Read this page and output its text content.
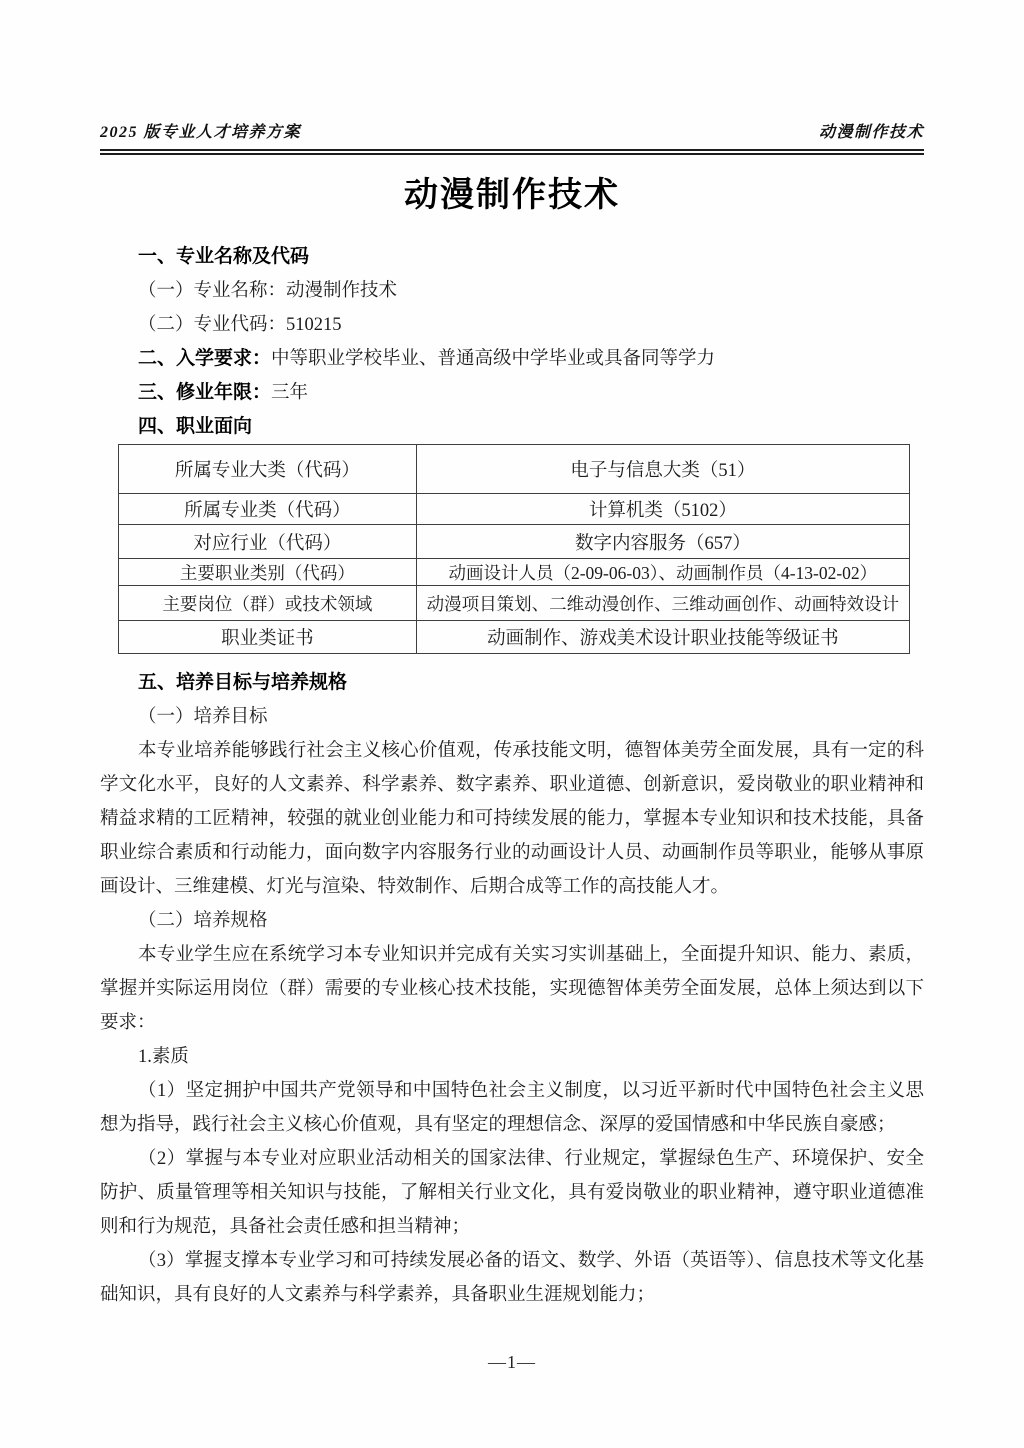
2025 版专业人才培养方案	动漫制作技术
动漫制作技术
一、专业名称及代码
（一）专业名称：动漫制作技术
（二）专业代码：510215
二、入学要求：中等职业学校毕业、普通高级中学毕业或具备同等学力
三、修业年限：三年
四、职业面向
所属专业大类（代码）	电子与信息大类（51）
所属专业类（代码）	计算机类（5102）
对应行业（代码）	数字内容服务（657）
主要职业类别（代码）	动画设计人员（2-09-06-03）、动画制作员（4-13-02-02）
主要岗位（群）或技术领域	动漫项目策划、二维动漫创作、三维动画创作、动画特效设计
职业类证书	动画制作、游戏美术设计职业技能等级证书
五、培养目标与培养规格
（一）培养目标
本专业培养能够践行社会主义核心价值观，传承技能文明，德智体美劳全面发展，具有一定的科学文化水平，良好的人文素养、科学素养、数字素养、职业道德、创新意识，爱岗敬业的职业精神和精益求精的工匠精神，较强的就业创业能力和可持续发展的能力，掌握本专业知识和技术技能，具备职业综合素质和行动能力，面向数字内容服务行业的动画设计人员、动画制作员等职业，能够从事原画设计、三维建模、灯光与渲染、特效制作、后期合成等工作的高技能人才。
（二）培养规格
本专业学生应在系统学习本专业知识并完成有关实习实训基础上，全面提升知识、能力、素质，掌握并实际运用岗位（群）需要的专业核心技术技能，实现德智体美劳全面发展，总体上须达到以下要求：
1.素质
（1）坚定拥护中国共产党领导和中国特色社会主义制度，以习近平新时代中国特色社会主义思想为指导，践行社会主义核心价值观，具有坚定的理想信念、深厚的爱国情感和中华民族自豪感；
（2）掌握与本专业对应职业活动相关的国家法律、行业规定，掌握绿色生产、环境保护、安全防护、质量管理等相关知识与技能，了解相关行业文化，具有爱岗敬业的职业精神，遵守职业道德准则和行为规范，具备社会责任感和担当精神；
（3）掌握支撑本专业学习和可持续发展必备的语文、数学、外语（英语等）、信息技术等文化基础知识，具有良好的人文素养与科学素养，具备职业生涯规划能力；
—1—
